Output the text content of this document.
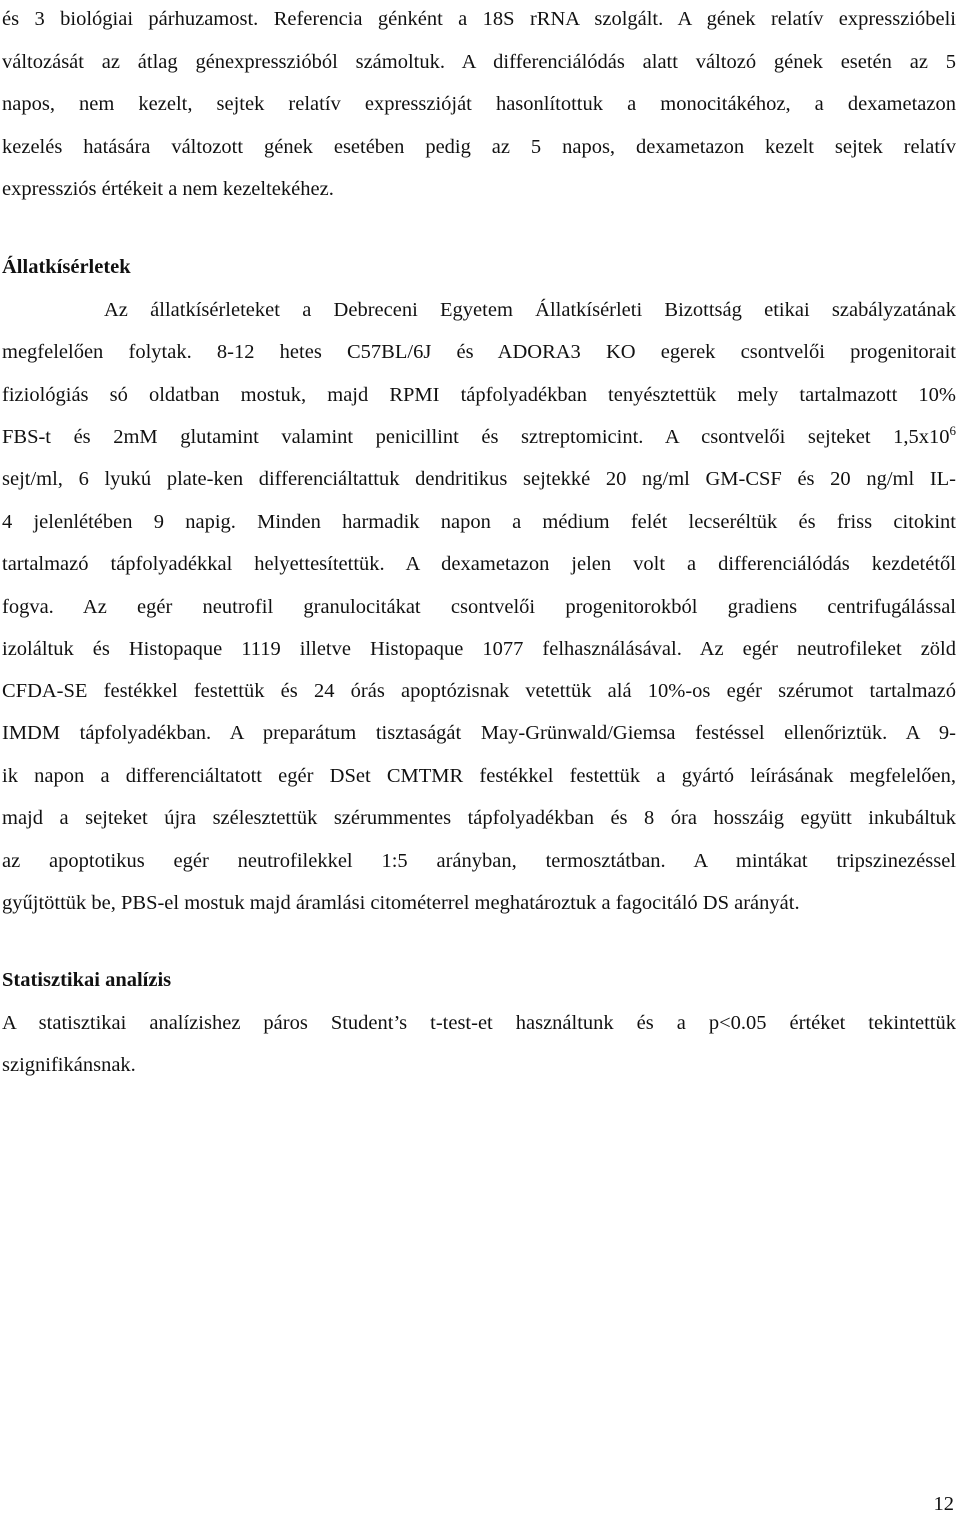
és 3 biológiai párhuzamost. Referencia génként a 18S rRNA szolgált. A gének relatív expresszióbeli
változását az átlag génexpresszióból számoltuk. A differenciálódás alatt változó gének esetén az 5
napos, nem kezelt, sejtek relatív expresszióját hasonlítottuk a monocitákéhoz, a dexametazon
kezelés hatására változott gének esetében pedig az 5 napos, dexametazon kezelt sejtek relatív
expressziós értékeit a nem kezeltekéhez.
Állatkísérletek
Az állatkísérleteket a Debreceni Egyetem Állatkísérleti Bizottság etikai szabályzatának
megfelelően folytak. 8-12 hetes C57BL/6J és ADORA3 KO egerek csontvelői progenitorait
fiziológiás só oldatban mostuk, majd RPMI tápfolyadékban tenyésztettük mely tartalmazott 10%
FBS-t és 2mM glutamint valamint penicillint és sztreptomicint. A csontvelői sejteket $1,5x10^6$
sejt/ml, 6 lyukú plate-ken differenciáltattuk dendritikus sejtekké 20 ng/ml GM-CSF és 20 ng/ml IL-
4 jelenlétében 9 napig. Minden harmadik napon a médium felét lecseréltük és friss citokint
tartalmazó tápfolyadékkal helyettesítettük. A dexametazon jelen volt a differenciálódás kezdetétől
fogva. Az egér neutrofil granulocitákat csontvelői progenitorokból gradiens centrifugálással
izoláltuk és Histopaque 1119 illetve Histopaque 1077 felhasználásával. Az egér neutrofileket zöld
CFDA-SE festékkel festettük és 24 órás apoptózisnak vetettük alá 10%-os egér szérumot tartalmazó
IMDM tápfolyadékban. A preparátum tisztaságát May-Grünwald/Giemsa festéssel ellenőriztük. A 9-
ik napon a differenciáltatott egér DSet CMTMR festékkel festettük a gyártó leírásának megfelelően,
majd a sejteket újra szélesztettük szérummentes tápfolyadékban és 8 óra hosszáig együtt inkubáltuk
az apoptotikus egér neutrofilekkel 1:5 arányban, termosztátban. A mintákat tripszinezéssel
gyűjtöttük be, PBS-el mostuk majd áramlási citométerrel meghatároztuk a fagocitáló DS arányát.
Statisztikai analízis
A statisztikai analízishez páros Student’s t-test-et használtunk és a p<0.05 értéket tekintettük
szignifikánsnak.
12
